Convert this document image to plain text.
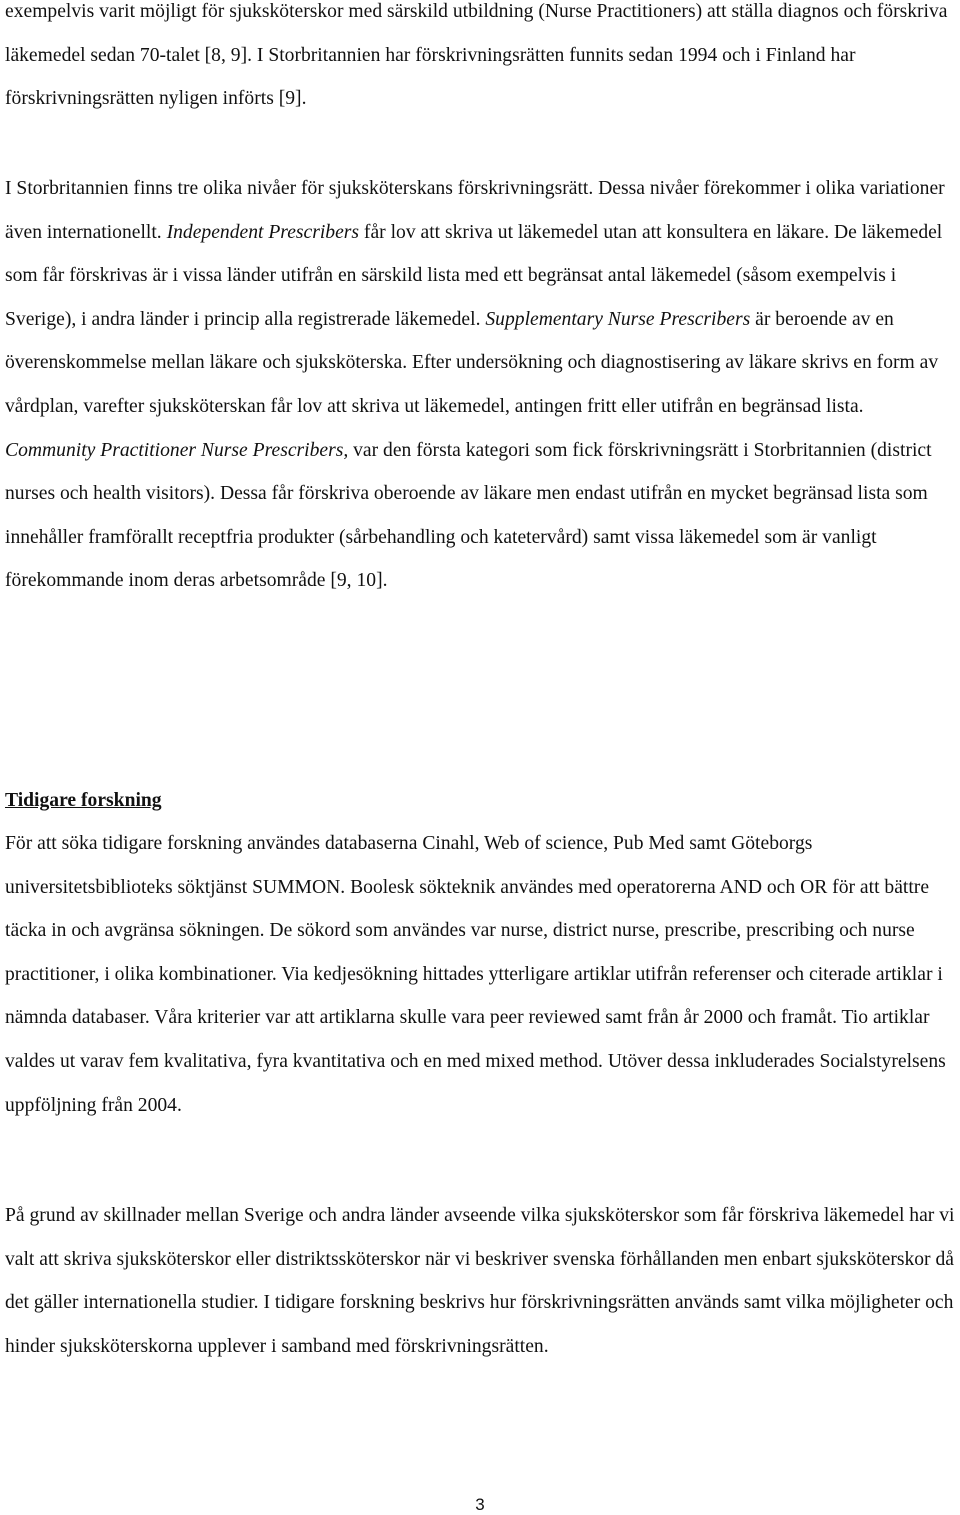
exempelvis varit möjligt för sjuksköterskor med särskild utbildning (Nurse Practitioners) att ställa diagnos och förskriva läkemedel sedan 70-talet [8, 9]. I Storbritannien har förskrivningsrätten funnits sedan 1994 och i Finland har förskrivningsrätten nyligen införts [9].

I Storbritannien finns tre olika nivåer för sjuksköterskans förskrivningsrätt. Dessa nivåer förekommer i olika variationer även internationellt. Independent Prescribers får lov att skriva ut läkemedel utan att konsultera en läkare. De läkemedel som får förskrivas är i vissa länder utifrån en särskild lista med ett begränsat antal läkemedel (såsom exempelvis i Sverige), i andra länder i princip alla registrerade läkemedel. Supplementary Nurse Prescribers är beroende av en överenskommelse mellan läkare och sjuksköterska. Efter undersökning och diagnostisering av läkare skrivs en form av vårdplan, varefter sjuksköterskan får lov att skriva ut läkemedel, antingen fritt eller utifrån en begränsad lista. Community Practitioner Nurse Prescribers, var den första kategori som fick förskrivningsrätt i Storbritannien (district nurses och health visitors). Dessa får förskriva oberoende av läkare men endast utifrån en mycket begränsad lista som innehåller framförallt receptfria produkter (sårbehandling och katetervård) samt vissa läkemedel som är vanligt förekommande inom deras arbetsområde [9, 10].

Tidigare forskning

För att söka tidigare forskning användes databaserna Cinahl, Web of science, Pub Med samt Göteborgs universitetsbiblioteks söktjänst SUMMON. Boolesk sökteknik användes med operatorerna AND och OR för att bättre täcka in och avgränsa sökningen. De sökord som användes var nurse, district nurse, prescribe, prescribing och nurse practitioner, i olika kombinationer. Via kedjesökning hittades ytterligare artiklar utifrån referenser och citerade artiklar i nämnda databaser. Våra kriterier var att artiklarna skulle vara peer reviewed samt från år 2000 och framåt. Tio artiklar valdes ut varav fem kvalitativa, fyra kvantitativa och en med mixed method. Utöver dessa inkluderades Socialstyrelsens uppföljning från 2004.

På grund av skillnader mellan Sverige och andra länder avseende vilka sjuksköterskor som får förskriva läkemedel har vi valt att skriva sjuksköterskor eller distriktssköterskor när vi beskriver svenska förhållanden men enbart sjuksköterskor då det gäller internationella studier. I tidigare forskning beskrivs hur förskrivningsrätten används samt vilka möjligheter och hinder sjuksköterskorna upplever i samband med förskrivningsrätten.

3
